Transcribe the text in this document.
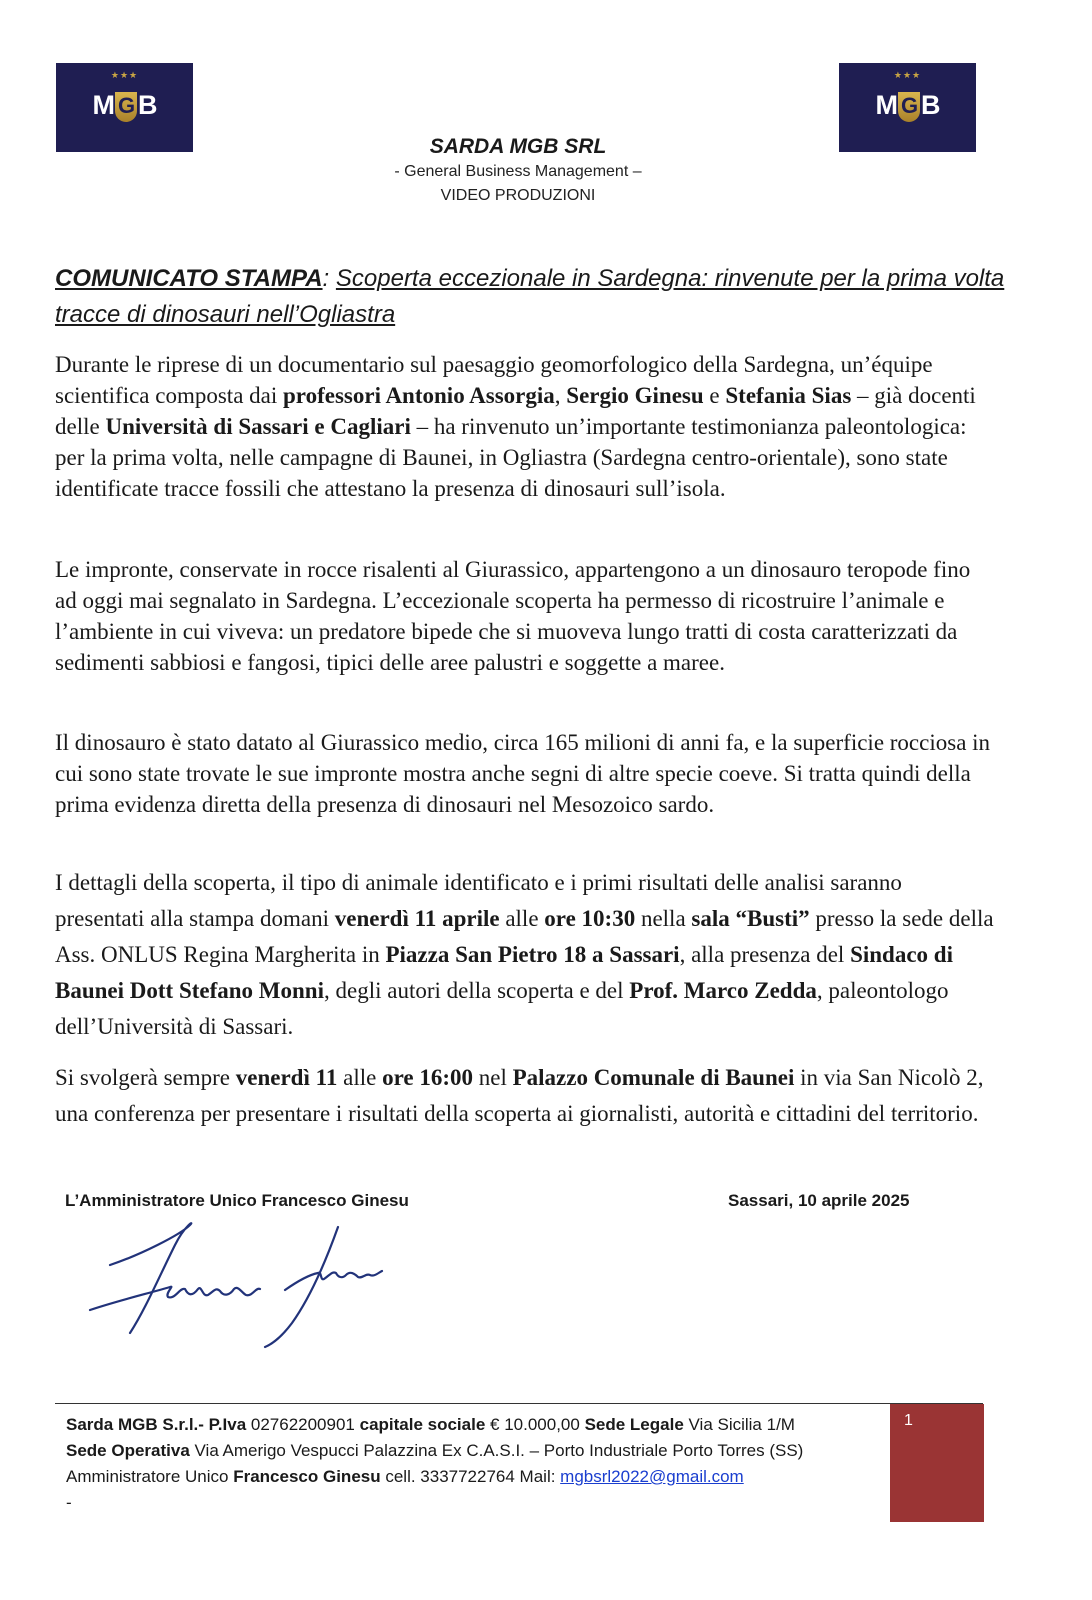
★★★
M G B
★★★
M G B
SARDA MGB SRL
- General Business Management –
VIDEO PRODUZIONI
COMUNICATO STAMPA: Scoperta eccezionale in Sardegna: rinvenute per la prima volta tracce di dinosauri nell’Ogliastra
Durante le riprese di un documentario sul paesaggio geomorfologico della Sardegna, un’équipe scientifica composta dai professori Antonio Assorgia, Sergio Ginesu e Stefania Sias – già docenti delle Università di Sassari e Cagliari – ha rinvenuto un’importante testimonianza paleontologica: per la prima volta, nelle campagne di Baunei, in Ogliastra (Sardegna centro-orientale), sono state identificate tracce fossili che attestano la presenza di dinosauri sull’isola.
Le impronte, conservate in rocce risalenti al Giurassico, appartengono a un dinosauro teropode fino ad oggi mai segnalato in Sardegna. L’eccezionale scoperta ha permesso di ricostruire l’animale e l’ambiente in cui viveva: un predatore bipede che si muoveva lungo tratti di costa caratterizzati da sedimenti sabbiosi e fangosi, tipici delle aree palustri e soggette a maree.
Il dinosauro è stato datato al Giurassico medio, circa 165 milioni di anni fa, e la superficie rocciosa in cui sono state trovate le sue impronte mostra anche segni di altre specie coeve. Si tratta quindi della prima evidenza diretta della presenza di dinosauri nel Mesozoico sardo.
I dettagli della scoperta, il tipo di animale identificato e i primi risultati delle analisi saranno presentati alla stampa domani venerdì 11 aprile alle ore 10:30 nella sala “Busti” presso la sede della Ass. ONLUS Regina Margherita in Piazza San Pietro 18 a Sassari, alla presenza del Sindaco di Baunei Dott Stefano Monni, degli autori della scoperta e del Prof. Marco Zedda, paleontologo dell’Università di Sassari.
Si svolgerà sempre venerdì 11 alle ore 16:00 nel Palazzo Comunale di Baunei in via San Nicolò 2, una conferenza per presentare i risultati della scoperta ai giornalisti, autorità e cittadini del territorio.
L’Amministratore Unico Francesco Ginesu	Sassari, 10 aprile 2025
Sarda MGB S.r.l.- P.Iva 02762200901 capitale sociale € 10.000,00 Sede Legale Via Sicilia 1/M
Sede Operativa Via Amerigo Vespucci Palazzina Ex C.A.S.I. – Porto Industriale Porto Torres (SS)
Amministratore Unico Francesco Ginesu cell. 3337722764 Mail: mgbsrl2022@gmail.com
-
1
